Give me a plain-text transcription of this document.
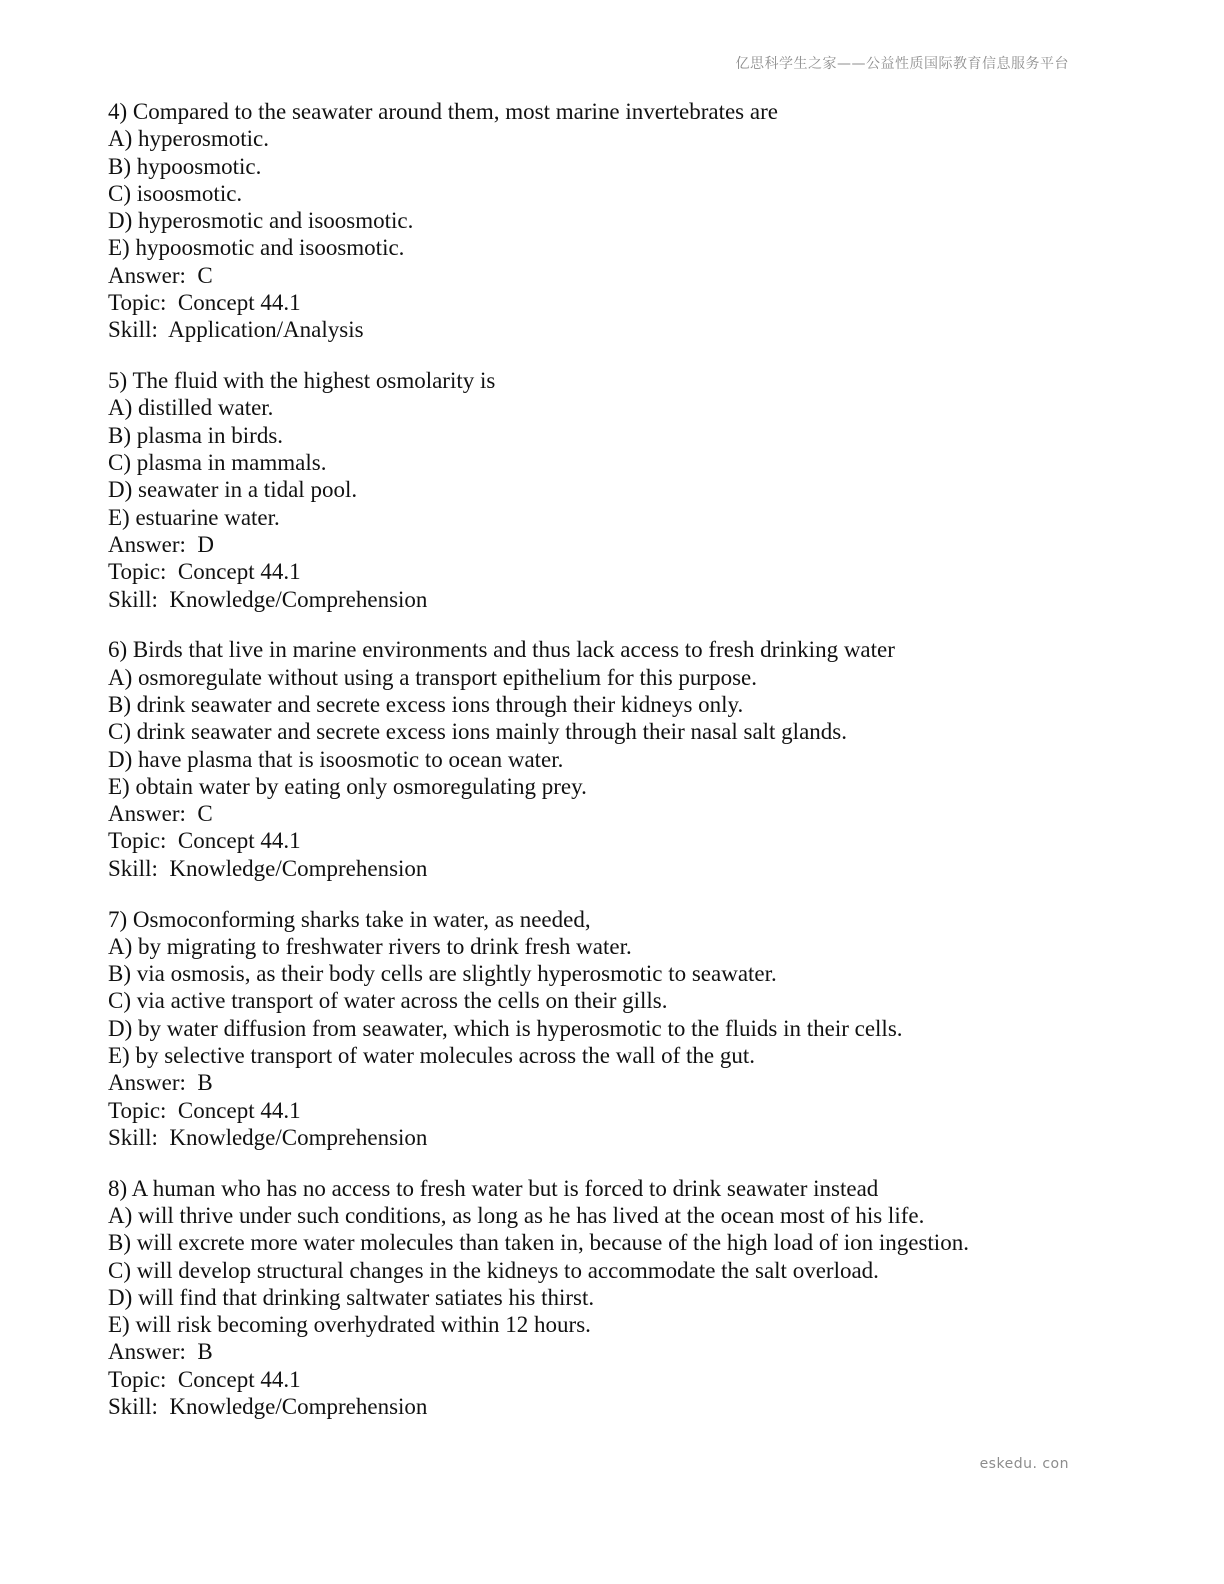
亿思科学生之家——公益性质国际教育信息服务平台
4) Compared to the seawater around them, most marine invertebrates are
A) hyperosmotic.
B) hypoosmotic.
C) isoosmotic.
D) hyperosmotic and isoosmotic.
E) hypoosmotic and isoosmotic.
Answer:  C
Topic:  Concept 44.1
Skill:  Application/Analysis
5) The fluid with the highest osmolarity is
A) distilled water.
B) plasma in birds.
C) plasma in mammals.
D) seawater in a tidal pool.
E) estuarine water.
Answer:  D
Topic:  Concept 44.1
Skill:  Knowledge/Comprehension
6) Birds that live in marine environments and thus lack access to fresh drinking water
A) osmoregulate without using a transport epithelium for this purpose.
B) drink seawater and secrete excess ions through their kidneys only.
C) drink seawater and secrete excess ions mainly through their nasal salt glands.
D) have plasma that is isoosmotic to ocean water.
E) obtain water by eating only osmoregulating prey.
Answer:  C
Topic:  Concept 44.1
Skill:  Knowledge/Comprehension
7) Osmoconforming sharks take in water, as needed,
A) by migrating to freshwater rivers to drink fresh water.
B) via osmosis, as their body cells are slightly hyperosmotic to seawater.
C) via active transport of water across the cells on their gills.
D) by water diffusion from seawater, which is hyperosmotic to the fluids in their cells.
E) by selective transport of water molecules across the wall of the gut.
Answer:  B
Topic:  Concept 44.1
Skill:  Knowledge/Comprehension
8) A human who has no access to fresh water but is forced to drink seawater instead
A) will thrive under such conditions, as long as he has lived at the ocean most of his life.
B) will excrete more water molecules than taken in, because of the high load of ion ingestion.
C) will develop structural changes in the kidneys to accommodate the salt overload.
D) will find that drinking saltwater satiates his thirst.
E) will risk becoming overhydrated within 12 hours.
Answer:  B
Topic:  Concept 44.1
Skill:  Knowledge/Comprehension
eskedu. con
